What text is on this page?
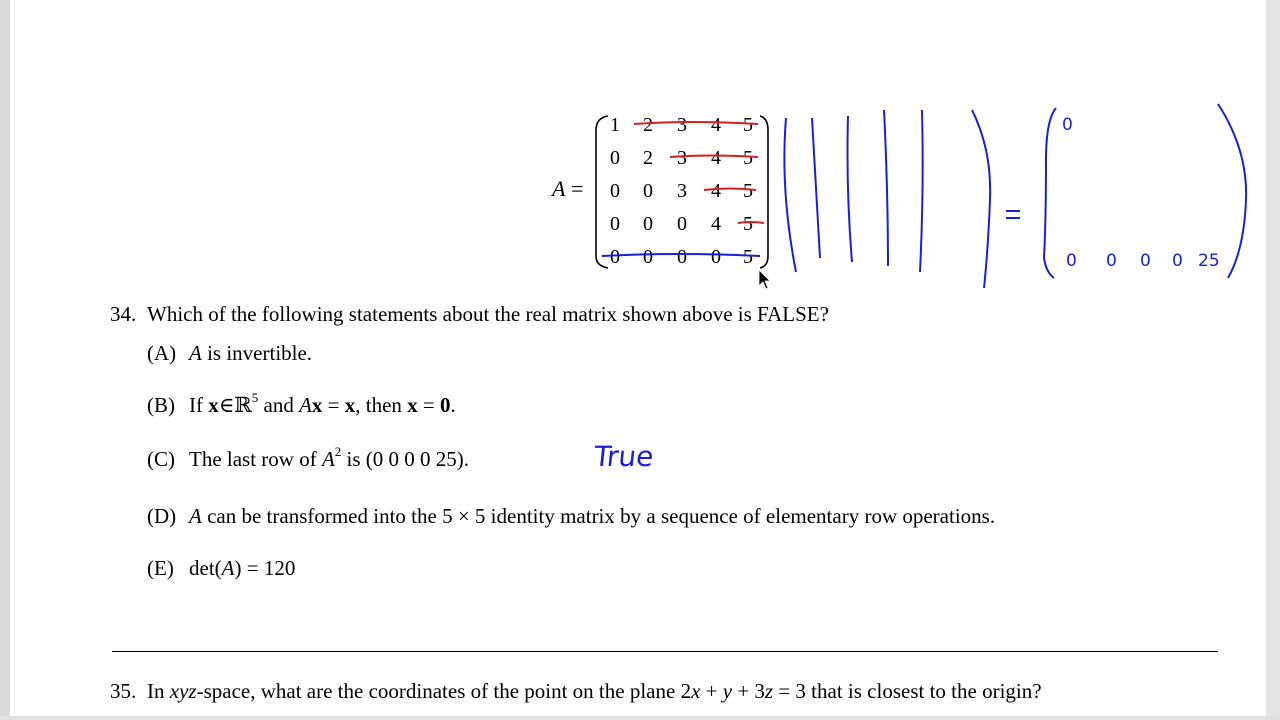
A =
1 2 3 4 5
0 2 3 4 5
0 0 3 4 5
0 0 0 4 5
0 0 0 0 5
0
0 0 0 0 25
34. Which of the following statements about the real matrix shown above is FALSE?
(A) A is invertible.
(B) If x∈ℝ$^5$ and Ax = x, then x = 0.
(C) The last row of $A^2$ is (0 0 0 0 25).	True
(D) A can be transformed into the 5 × 5 identity matrix by a sequence of elementary row operations.
(E) det(A) = 120
35. In xyz-space, what are the coordinates of the point on the plane 2x + y + 3z = 3 that is closest to the origin?
